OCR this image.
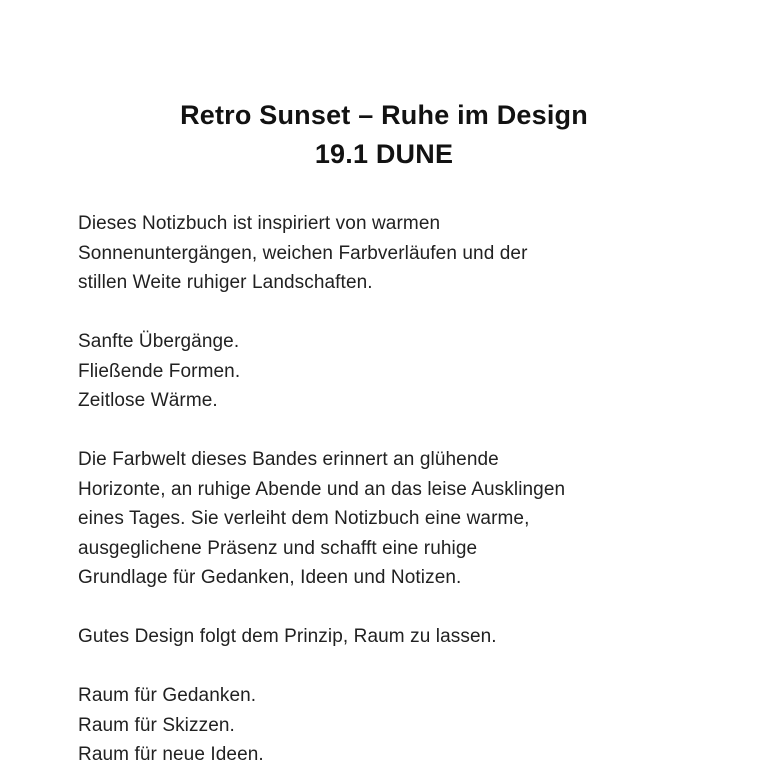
Retro Sunset – Ruhe im Design
19.1 DUNE
Dieses Notizbuch ist inspiriert von warmen
Sonnenuntergängen, weichen Farbverläufen und der
stillen Weite ruhiger Landschaften.
Sanfte Übergänge.
Fließende Formen.
Zeitlose Wärme.
Die Farbwelt dieses Bandes erinnert an glühende
Horizonte, an ruhige Abende und an das leise Ausklingen
eines Tages. Sie verleiht dem Notizbuch eine warme,
ausgeglichene Präsenz und schafft eine ruhige
Grundlage für Gedanken, Ideen und Notizen.
Gutes Design folgt dem Prinzip, Raum zu lassen.
Raum für Gedanken.
Raum für Skizzen.
Raum für neue Ideen.
